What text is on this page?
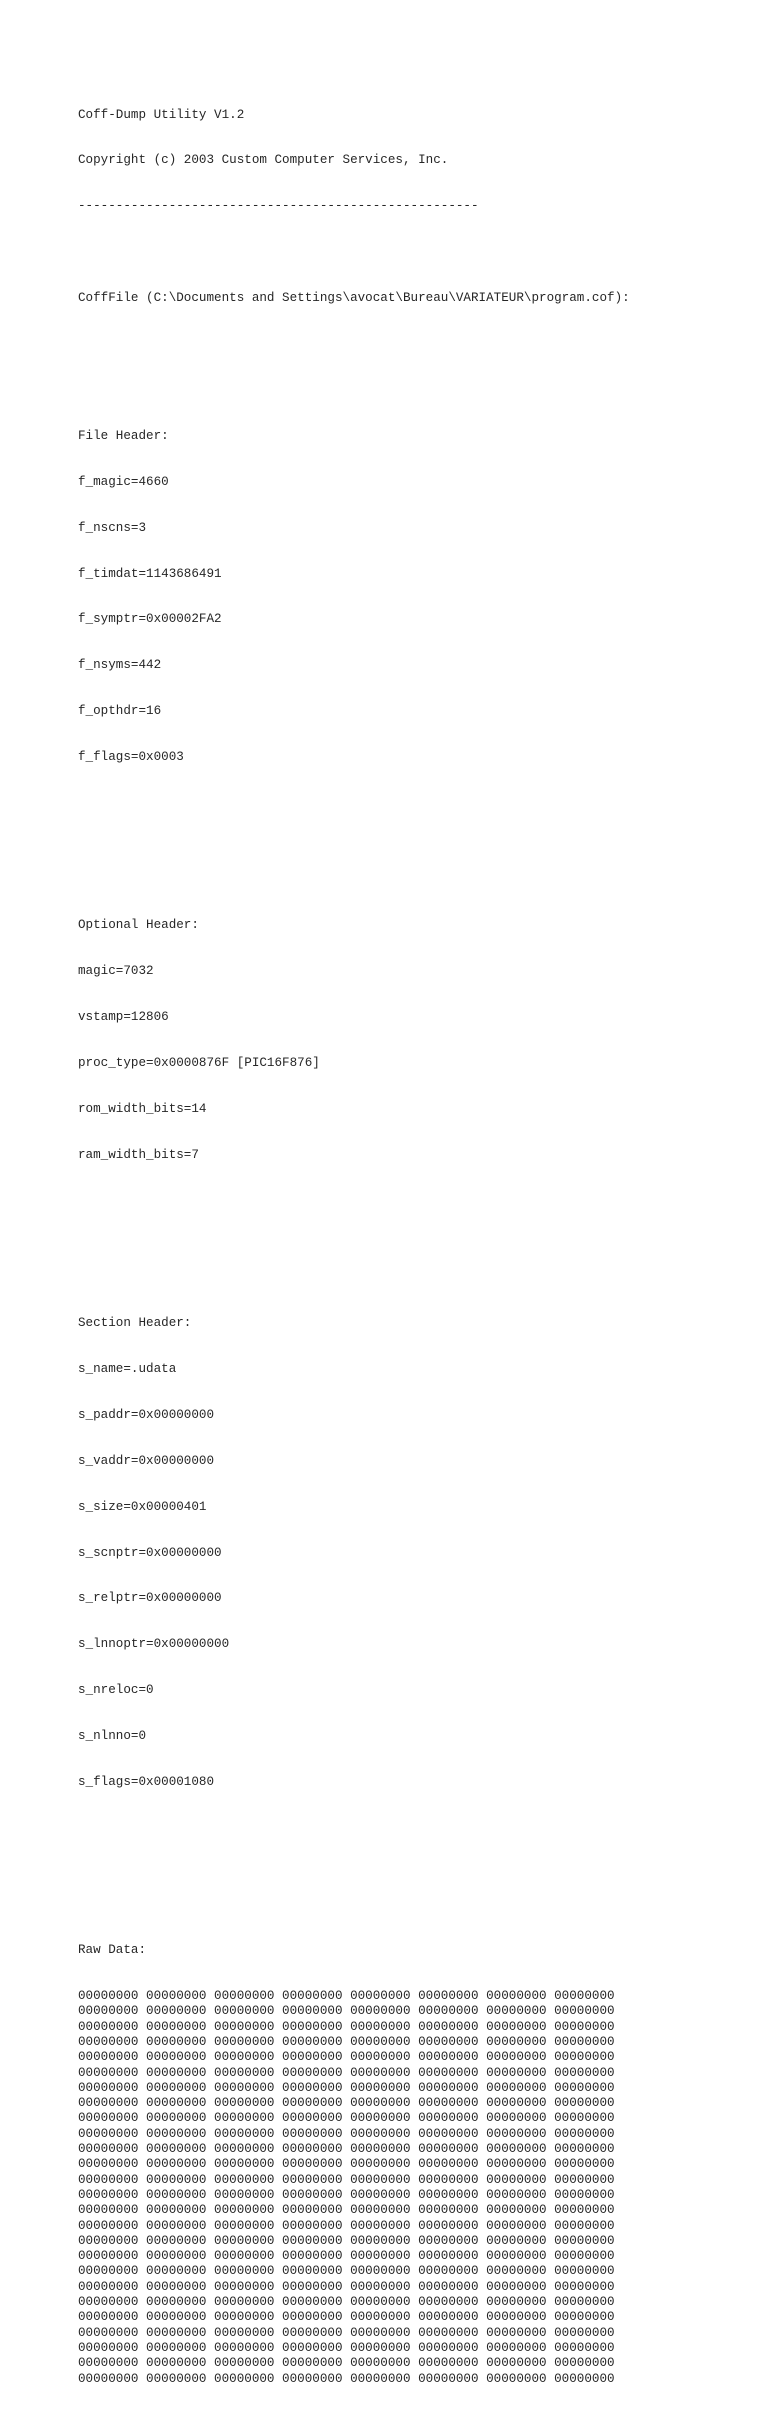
Coff-Dump Utility V1.2

Copyright (c) 2003 Custom Computer Services, Inc.

-----------------------------------------------------

CoffFile (C:\Documents and Settings\avocat\Bureau\VARIATEUR\program.cof):

File Header:

f_magic=4660

f_nscns=3

f_timdat=1143686491

f_symptr=0x00002FA2

f_nsyms=442

f_opthdr=16

f_flags=0x0003

Optional Header:

magic=7032

vstamp=12806

proc_type=0x0000876F [PIC16F876]

rom_width_bits=14

ram_width_bits=7

Section Header:

s_name=.udata

s_paddr=0x00000000

s_vaddr=0x00000000

s_size=0x00000401

s_scnptr=0x00000000

s_relptr=0x00000000

s_lnnoptr=0x00000000

s_nreloc=0

s_nlnno=0

s_flags=0x00001080

Raw Data:

00000000 00000000 00000000 00000000 00000000 00000000 00000000 00000000
00000000 00000000 00000000 00000000 00000000 00000000 00000000 00000000
00000000 00000000 00000000 00000000 00000000 00000000 00000000 00000000
00000000 00000000 00000000 00000000 00000000 00000000 00000000 00000000
00000000 00000000 00000000 00000000 00000000 00000000 00000000 00000000
00000000 00000000 00000000 00000000 00000000 00000000 00000000 00000000
00000000 00000000 00000000 00000000 00000000 00000000 00000000 00000000
00000000 00000000 00000000 00000000 00000000 00000000 00000000 00000000
00000000 00000000 00000000 00000000 00000000 00000000 00000000 00000000
00000000 00000000 00000000 00000000 00000000 00000000 00000000 00000000
00000000 00000000 00000000 00000000 00000000 00000000 00000000 00000000
00000000 00000000 00000000 00000000 00000000 00000000 00000000 00000000
00000000 00000000 00000000 00000000 00000000 00000000 00000000 00000000
00000000 00000000 00000000 00000000 00000000 00000000 00000000 00000000
00000000 00000000 00000000 00000000 00000000 00000000 00000000 00000000
00000000 00000000 00000000 00000000 00000000 00000000 00000000 00000000
00000000 00000000 00000000 00000000 00000000 00000000 00000000 00000000
00000000 00000000 00000000 00000000 00000000 00000000 00000000 00000000
00000000 00000000 00000000 00000000 00000000 00000000 00000000 00000000
00000000 00000000 00000000 00000000 00000000 00000000 00000000 00000000
00000000 00000000 00000000 00000000 00000000 00000000 00000000 00000000
00000000 00000000 00000000 00000000 00000000 00000000 00000000 00000000
00000000 00000000 00000000 00000000 00000000 00000000 00000000 00000000
00000000 00000000 00000000 00000000 00000000 00000000 00000000 00000000
00000000 00000000 00000000 00000000 00000000 00000000 00000000 00000000
00000000 00000000 00000000 00000000 00000000 00000000 00000000 00000000
